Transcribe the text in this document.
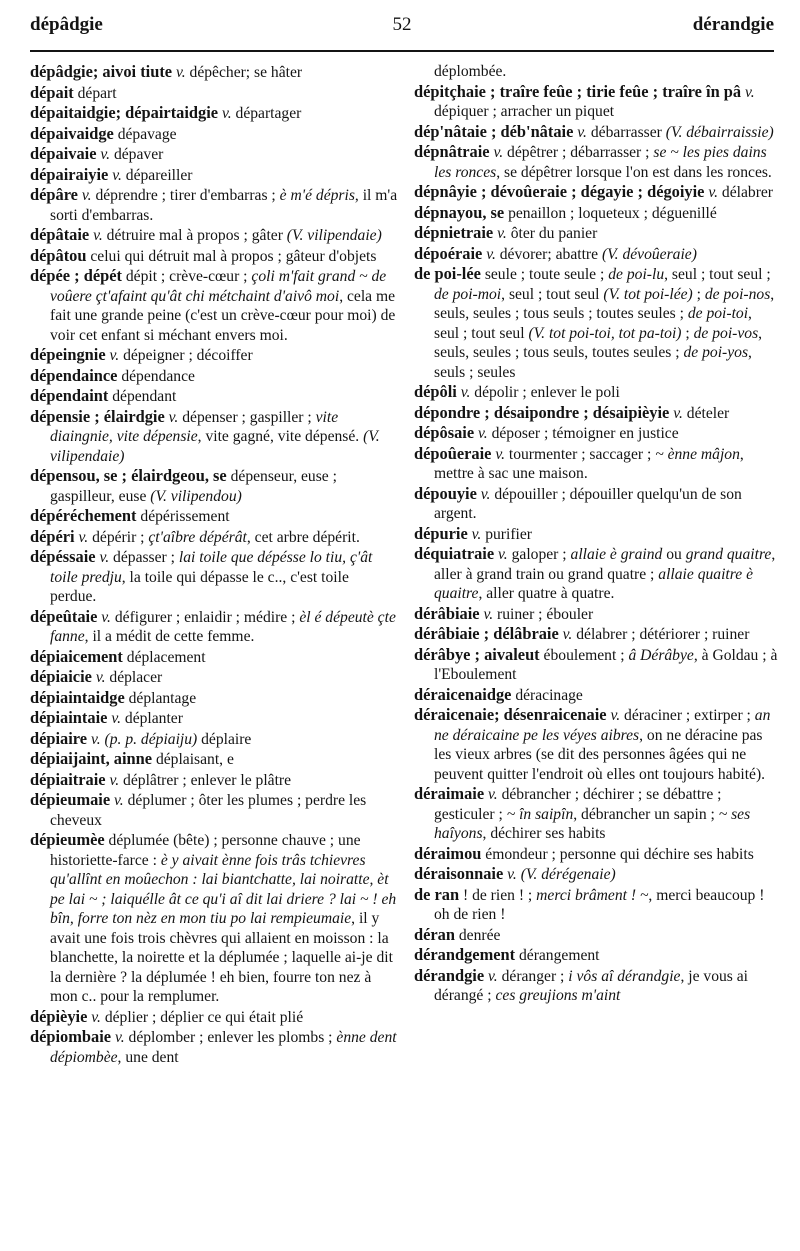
dépâdgie	52	dérandgie

dépâdgie; aivoi tiute v. dépêcher; se hâter

dépait départ

dépaitaidgie; dépairtaidgie v. départager

dépaivaidge dépavage

dépaivaie v. dépaver

dépairaiyie v. dépareiller

dépâre v. déprendre ; tirer d'embarras ; è m'é dépris, il m'a sorti d'embarras.

dépâtaie v. détruire mal à propos ; gâter (V. vilipendaie)

dépâtou celui qui détruit mal à propos ; gâteur d'objets

dépée ; dépét dépit ; crève-cœur ; çoli m'fait grand ~ de voûere çt'afaint qu'ât chi métchaint d'aivô moi, cela me fait une grande peine (c'est un crève-cœur pour moi) de voir cet enfant si méchant envers moi.

dépeingnie v. dépeigner ; décoiffer

dépendaince dépendance

dépendaint dépendant

dépensie ; élairdgie v. dépenser ; gaspiller ; vite diaingnie, vite dépensie, vite gagné, vite dépensé. (V. vilipendaie)

dépensou, se ; élairdgeou, se dépenseur, euse ; gaspilleur, euse (V. vilipendou)

dépéréchement dépérissement

dépéri v. dépérir ; çt'aîbre dépérât, cet arbre dépérit.

dépéssaie v. dépasser ; lai toile que dépésse lo tiu, ç'ât toile predju, la toile qui dépasse le c.., c'est toile perdue.

dépeûtaie v. défigurer ; enlaidir ; médire ; èl é dépeutè çte fanne, il a médit de cette femme.

dépiaicement déplacement

dépiaicie v. déplacer

dépiaintaidge déplantage

dépiaintaie v. déplanter

dépiaire v. (p. p. dépiaiju) déplaire

dépiaijaint, ainne déplaisant, e

dépiaitraie v. déplâtrer ; enlever le plâtre

dépieumaie v. déplumer ; ôter les plumes ; perdre les cheveux

dépieumèe déplumée (bête) ; personne chauve ; une historiette-farce : è y aivait ènne fois trâs tchievres qu'allînt en moûechon : lai biantchatte, lai noiratte, èt pe lai ~ ; laiquélle ât ce qu'i aî dit lai driere ? lai ~ ! eh bîn, forre ton nèz en mon tiu po lai rempieumaie, il y avait une fois trois chèvres qui allaient en moisson : la blanchette, la noirette et la déplumée ; laquelle ai-je dit la dernière ? la déplumée ! eh bien, fourre ton nez à mon c.. pour la remplumer.

dépièyie v. déplier ; déplier ce qui était plié

dépiombaie v. déplomber ; enlever les plombs ; ènne dent dépiombèe, une dent

déplombée.

dépitçhaie ; traîre feûe ; tirie feûe ; traîre în pâ v. dépiquer ; arracher un piquet

dép'nâtaie ; déb'nâtaie v. débarrasser (V. débairraissie)

dépnâtraie v. dépêtrer ; débarrasser ; se ~ les pies dains les ronces, se dépêtrer lorsque l'on est dans les ronces.

dépnâyie ; dévoûeraie ; dégayie ; dégoiyie v. délabrer

dépnayou, se penaillon ; loqueteux ; déguenillé

dépnietraie v. ôter du panier

dépoéraie v. dévorer; abattre (V. dévoûeraie)

de poi-lée seule ; toute seule ; de poi-lu, seul ; tout seul ; de poi-moi, seul ; tout seul (V. tot poi-lée) ; de poi-nos, seuls, seules ; tous seuls ; toutes seules ; de poi-toi, seul ; tout seul (V. tot poi-toi, tot pa-toi) ; de poi-vos, seuls, seules ; tous seuls, toutes seules ; de poi-yos, seuls ; seules

dépôli v. dépolir ; enlever le poli

dépondre ; désaipondre ; désaipièyie v. dételer

dépôsaie v. déposer ; témoigner en justice

dépoûeraie v. tourmenter ; saccager ; ~ ènne mâjon, mettre à sac une maison.

dépouyie v. dépouiller ; dépouiller quelqu'un de son argent.

dépurie v. purifier

déquiatraie v. galoper ; allaie è graind ou grand quaitre, aller à grand train ou grand quatre ; allaie quaitre è quaitre, aller quatre à quatre.

dérâbiaie v. ruiner ; ébouler

dérâbiaie ; délâbraie v. délabrer ; détériorer ; ruiner

dérâbye ; aivaleut éboulement ; â Dérâbye, à Goldau ; à l'Eboulement

déraicenaidge déracinage

déraicenaie; désenraicenaie v. déraciner ; extirper ; an ne déraicaine pe les véyes aibres, on ne déracine pas les vieux arbres (se dit des personnes âgées qui ne peuvent quitter l'endroit où elles ont toujours habité).

déraimaie v. débrancher ; déchirer ; se débattre ; gesticuler ; ~ în saipîn, débrancher un sapin ; ~ ses haîyons, déchirer ses habits

déraimou émondeur ; personne qui déchire ses habits

déraisonnaie v. (V. dérégenaie)

de ran ! de rien ! ; merci brâment ! ~, merci beaucoup ! oh de rien !

déran denrée

dérandgement dérangement

dérandgie v. déranger ; i vôs aî dérandgie, je vous ai dérangé ; ces greujions m'aint
